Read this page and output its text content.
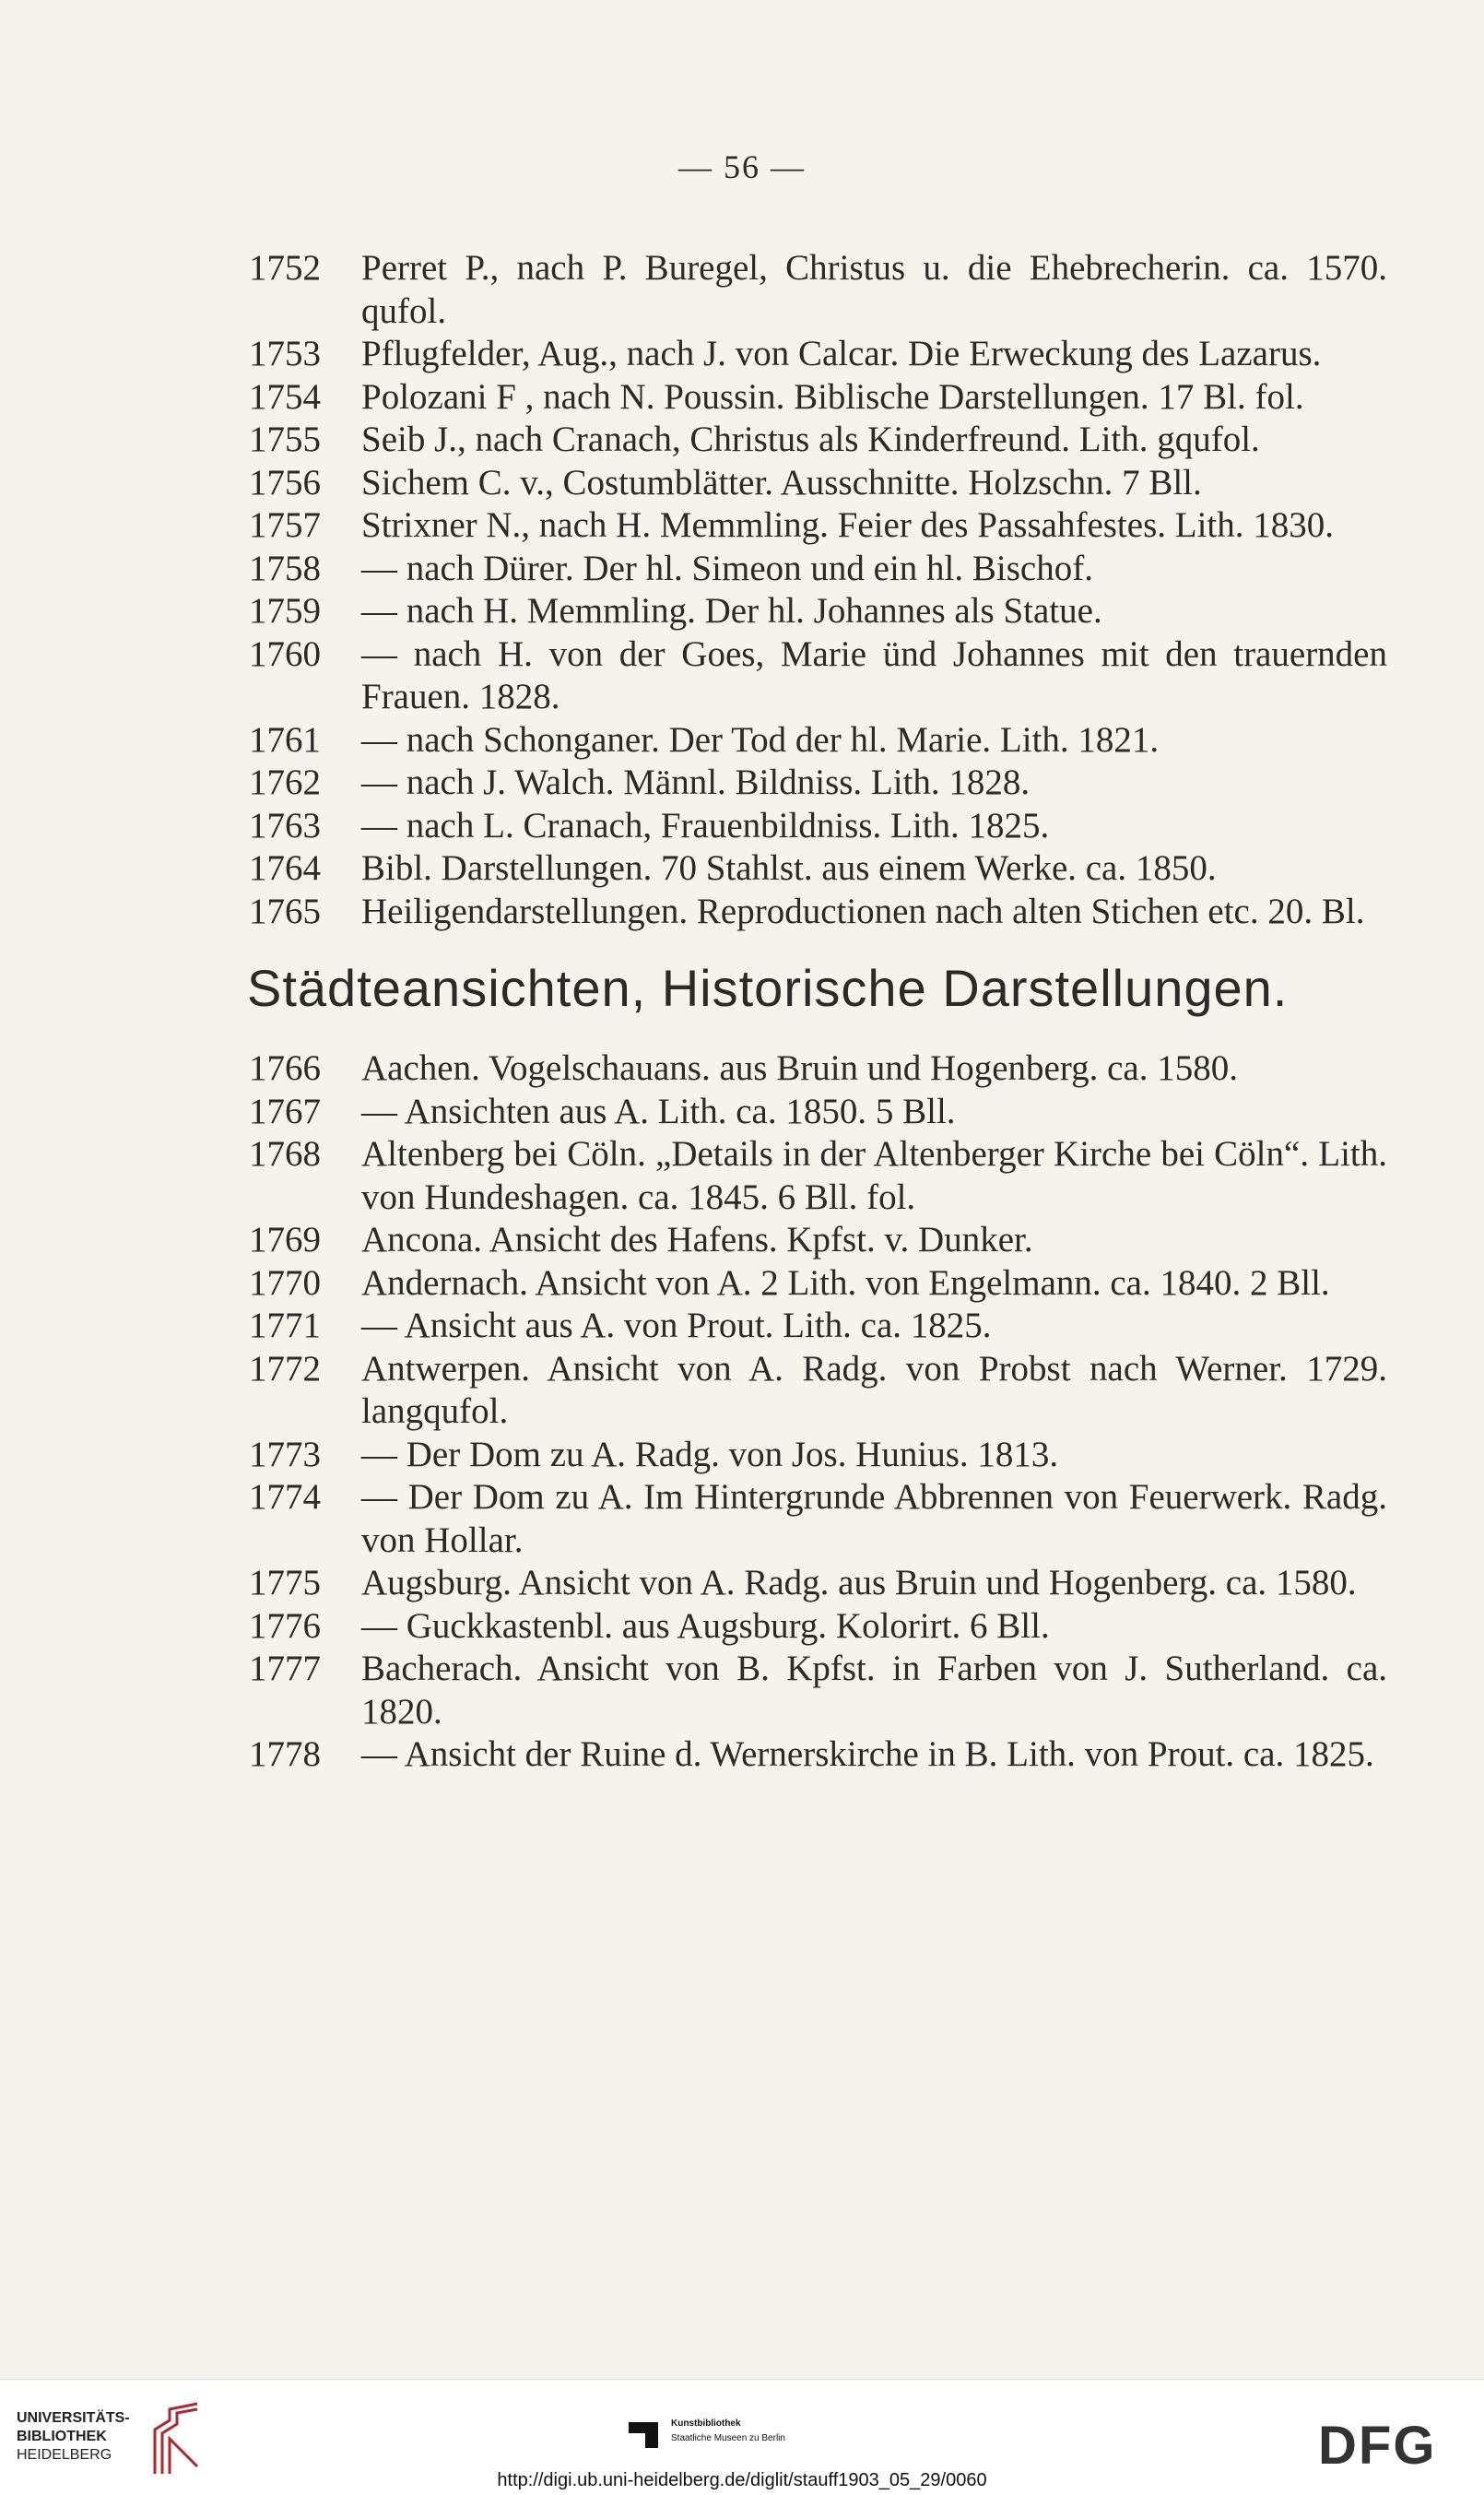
— 56 —
1752	Perret P., nach P. Buregel, Christus u. die Ehebrecherin. ca. 1570. qufol.
1753	Pflugfelder, Aug., nach J. von Calcar. Die Erweckung des Lazarus.
1754	Polozani F , nach N. Poussin. Biblische Darstellungen. 17 Bl. fol.
1755	Seib J., nach Cranach, Christus als Kinderfreund. Lith. gqufol.
1756	Sichem C. v., Costumblätter. Ausschnitte. Holzschn. 7 Bll.
1757	Strixner N., nach H. Memmling. Feier des Passahfestes. Lith. 1830.
1758	— nach Dürer. Der hl. Simeon und ein hl. Bischof.
1759	— nach H. Memmling. Der hl. Johannes als Statue.
1760	— nach H. von der Goes, Marie ünd Johannes mit den trauernden Frauen. 1828.
1761	— nach Schonganer. Der Tod der hl. Marie. Lith. 1821.
1762	— nach J. Walch. Männl. Bildniss. Lith. 1828.
1763	— nach L. Cranach, Frauenbildniss. Lith. 1825.
1764	Bibl. Darstellungen. 70 Stahlst. aus einem Werke. ca. 1850.
1765	Heiligendarstellungen. Reproductionen nach alten Stichen etc. 20. Bl.
Städteansichten, Historische Darstellungen.
1766	Aachen. Vogelschauans. aus Bruin und Hogenberg. ca. 1580.
1767	— Ansichten aus A. Lith. ca. 1850. 5 Bll.
1768	Altenberg bei Cöln. „Details in der Altenberger Kirche bei Cöln“. Lith. von Hundeshagen. ca. 1845. 6 Bll. fol.
1769	Ancona. Ansicht des Hafens. Kpfst. v. Dunker.
1770	Andernach. Ansicht von A. 2 Lith. von Engelmann. ca. 1840. 2 Bll.
1771	— Ansicht aus A. von Prout. Lith. ca. 1825.
1772	Antwerpen. Ansicht von A. Radg. von Probst nach Werner. 1729. langqufol.
1773	— Der Dom zu A. Radg. von Jos. Hunius. 1813.
1774	— Der Dom zu A. Im Hintergrunde Abbrennen von Feuerwerk. Radg. von Hollar.
1775	Augsburg. Ansicht von A. Radg. aus Bruin und Hogenberg. ca. 1580.
1776	— Guckkastenbl. aus Augsburg. Kolorirt. 6 Bll.
1777	Bacherach. Ansicht von B. Kpfst. in Farben von J. Sutherland. ca. 1820.
1778	— Ansicht der Ruine d. Wernerskirche in B. Lith. von Prout. ca. 1825.
UNIVERSITÄTS-
BIBLIOTHEK
HEIDELBERG
Kunstbibliothek
Staatliche Museen zu Berlin	DFG
http://digi.ub.uni-heidelberg.de/diglit/stauff1903_05_29/0060
